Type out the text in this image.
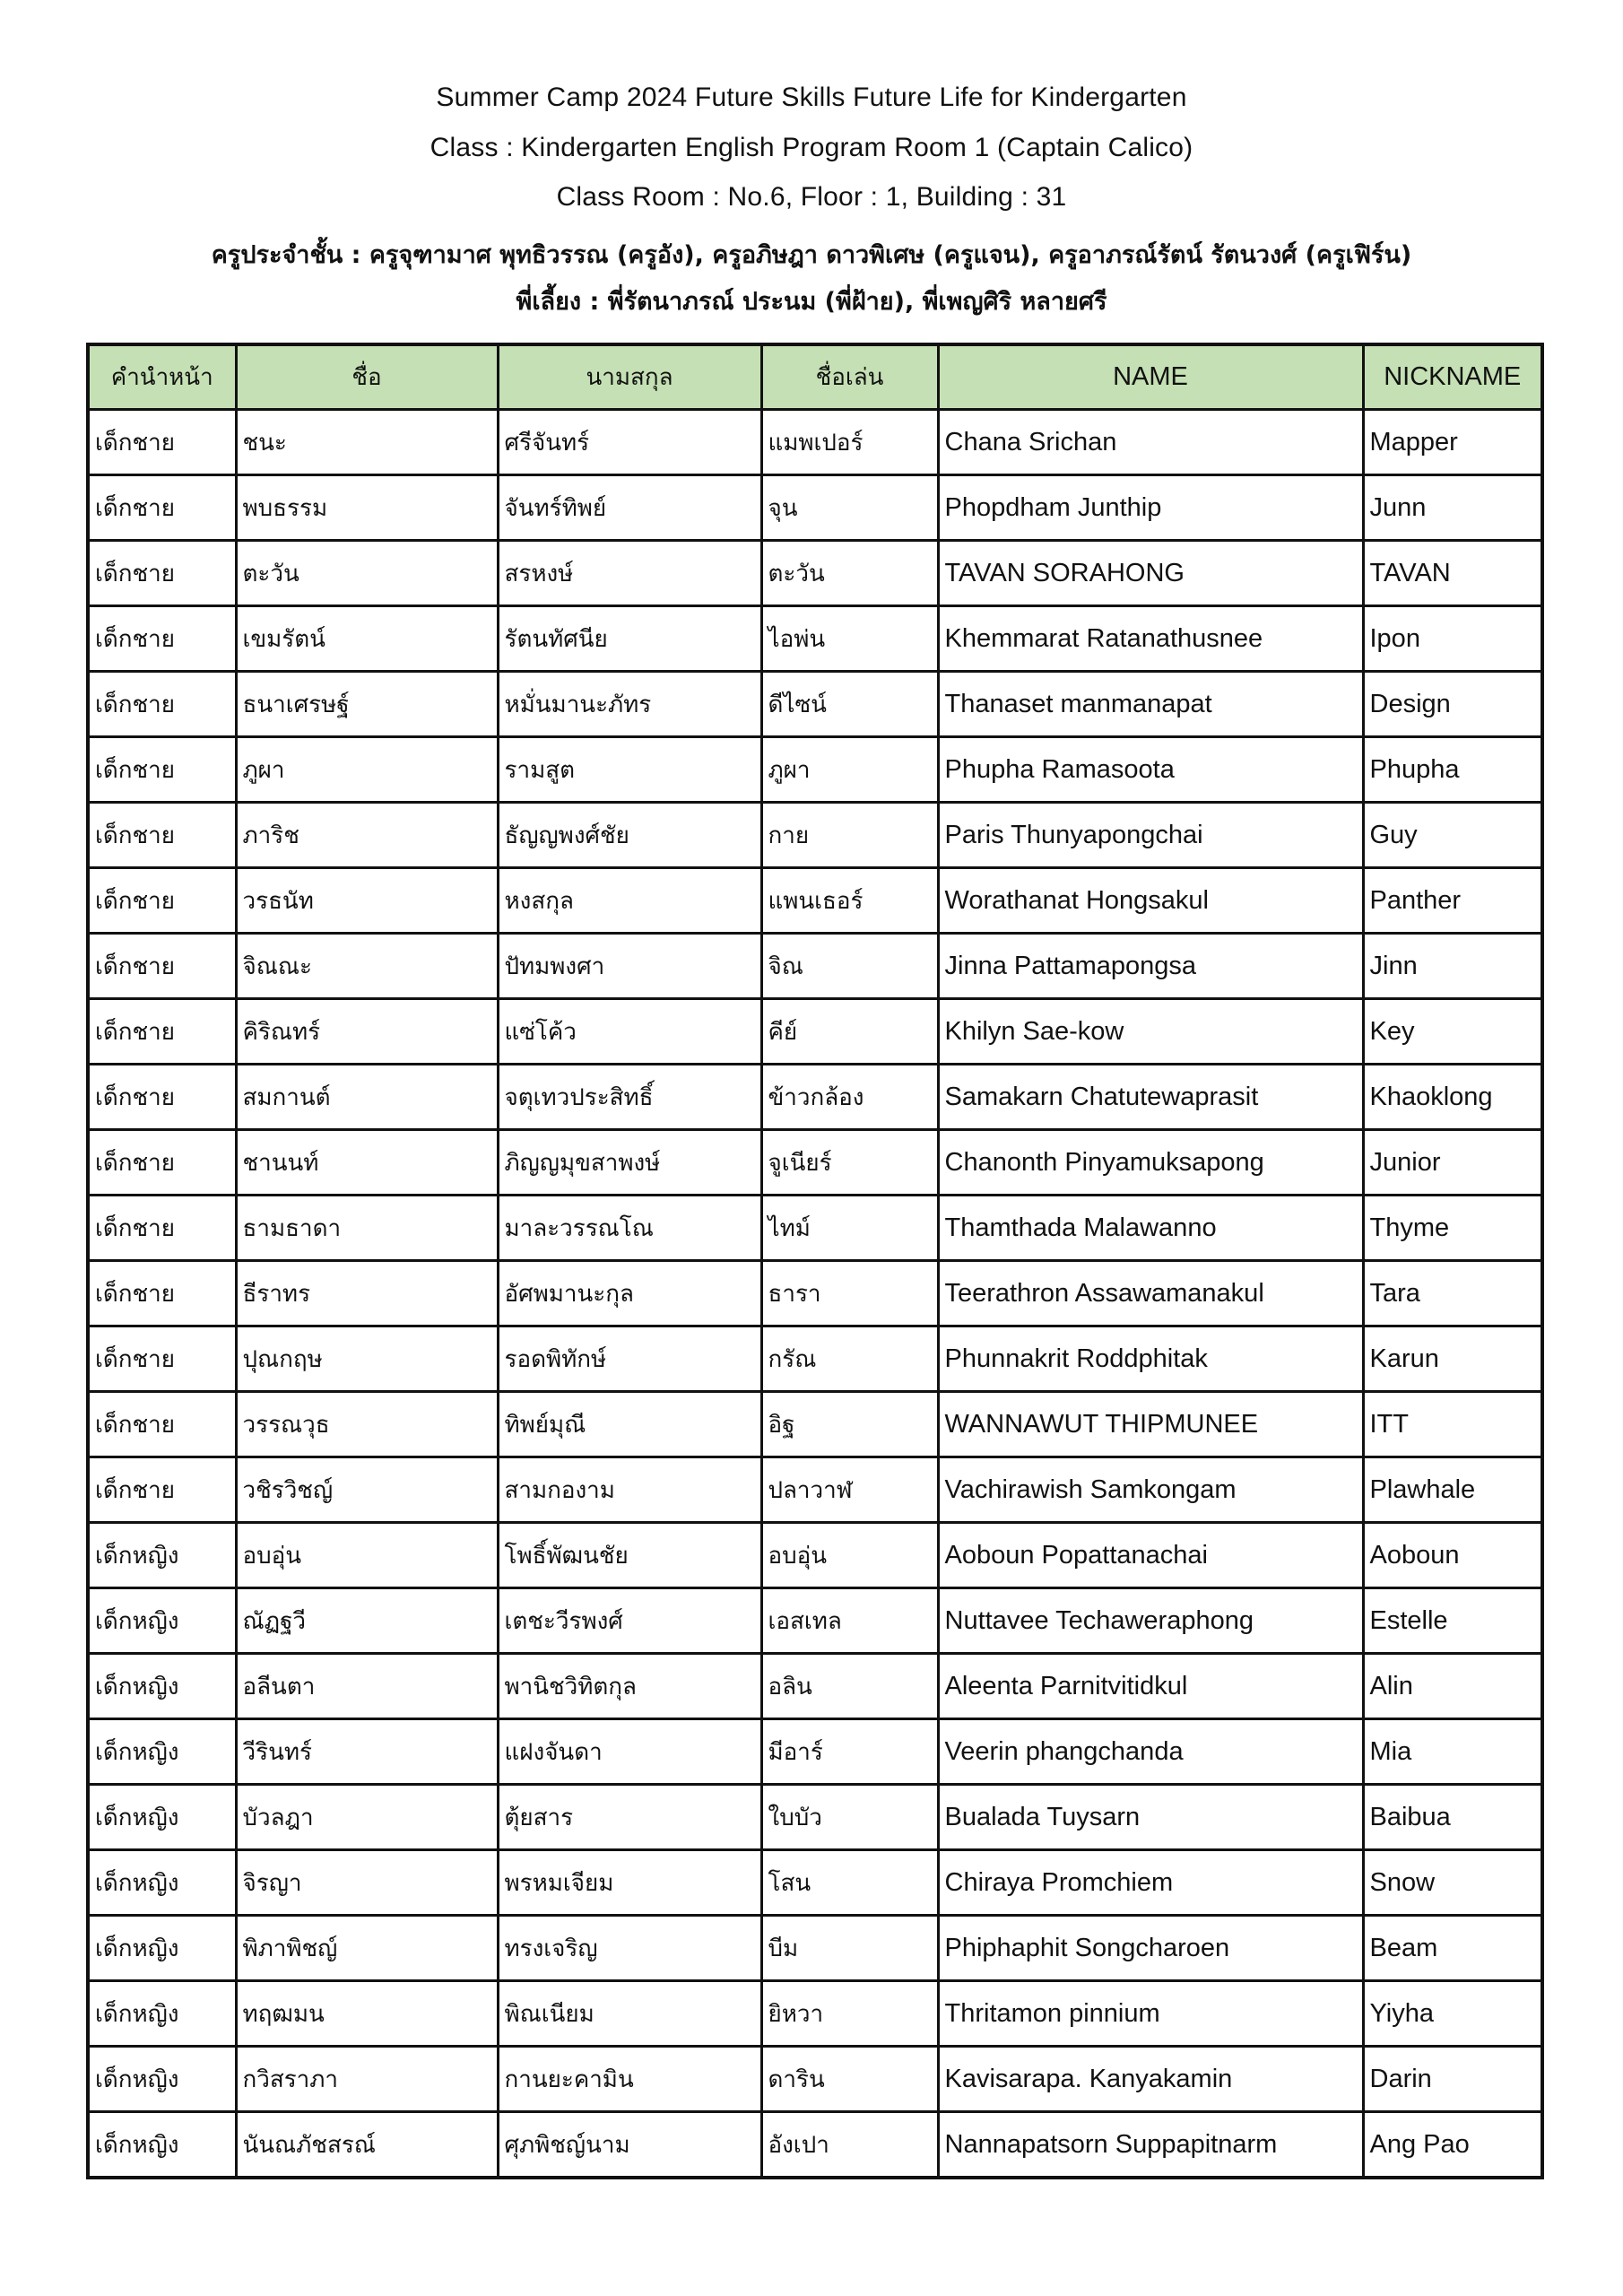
Summer Camp 2024 Future Skills Future Life for Kindergarten
Class : Kindergarten English Program Room 1 (Captain Calico)
Class Room : No.6, Floor : 1, Building : 31
ครูประจำชั้น : ครูจุฑามาศ พุทธิวรรณ (ครูอัง), ครูอภิษฎา ดาวพิเศษ (ครูแจน), ครูอาภรณ์รัตน์ รัตนวงศ์ (ครูเฟิร์น)
พี่เลี้ยง : พี่รัตนาภรณ์ ประนม (พี่ฝ้าย), พี่เพญศิริ หลายศรี
คำนำหน้า	ชื่อ	นามสกุล	ชื่อเล่น	NAME	NICKNAME
เด็กชาย	ชนะ	ศรีจันทร์	แมพเปอร์	Chana Srichan	Mapper
เด็กชาย	พบธรรม	จันทร์ทิพย์	จุน	Phopdham Junthip	Junn
เด็กชาย	ตะวัน	สรหงษ์	ตะวัน	TAVAN SORAHONG	TAVAN
เด็กชาย	เขมรัตน์	รัตนทัศนีย	ไอพ่น	Khemmarat Ratanathusnee	Ipon
เด็กชาย	ธนาเศรษฐ์	หมั่นมานะภัทร	ดีไซน์	Thanaset manmanapat	Design
เด็กชาย	ภูผา	รามสูต	ภูผา	Phupha Ramasoota	Phupha
เด็กชาย	ภาริช	ธัญญพงศ์ชัย	กาย	Paris Thunyapongchai	Guy
เด็กชาย	วรธนัท	หงสกุล	แพนเธอร์	Worathanat Hongsakul	Panther
เด็กชาย	จิณณะ	ปัทมพงศา	จิณ	Jinna Pattamapongsa	Jinn
เด็กชาย	คิริณทร์	แซ่โค้ว	คีย์	Khilyn Sae-kow	Key
เด็กชาย	สมกานต์	จตุเทวประสิทธิ์	ข้าวกล้อง	Samakarn Chatutewaprasit	Khaoklong
เด็กชาย	ชานนท์	ภิญญมุขสาพงษ์	จูเนียร์	Chanonth Pinyamuksapong	Junior
เด็กชาย	ธามธาดา	มาละวรรณโณ	ไทม์	Thamthada Malawanno	Thyme
เด็กชาย	ธีราทร	อัศพมานะกุล	ธารา	Teerathron Assawamanakul	Tara
เด็กชาย	ปุณกฤษ	รอดพิทักษ์	กรัณ	Phunnakrit Roddphitak	Karun
เด็กชาย	วรรณวุธ	ทิพย์มุณี	อิฐ	WANNAWUT THIPMUNEE	ITT
เด็กชาย	วชิรวิชญ์	สามกองาม	ปลาวาฬ	Vachirawish Samkongam	Plawhale
เด็กหญิง	อบอุ่น	โพธิ์พัฒนชัย	อบอุ่น	Aoboun Popattanachai	Aoboun
เด็กหญิง	ณัฏฐวี	เตชะวีรพงศ์	เอสเทล	Nuttavee Techaweraphong	Estelle
เด็กหญิง	อลีนตา	พานิชวิทิตกุล	อลิน	Aleenta Parnitvitidkul	Alin
เด็กหญิง	วีรินทร์	แฝงจันดา	มีอาร์	Veerin phangchanda	Mia
เด็กหญิง	บัวลฎา	ตุ้ยสาร	ใบบัว	Bualada Tuysarn	Baibua
เด็กหญิง	จิรญา	พรหมเจียม	โสน	Chiraya Promchiem	Snow
เด็กหญิง	พิภาพิชญ์	ทรงเจริญ	บีม	Phiphaphit Songcharoen	Beam
เด็กหญิง	ทฤฒมน	พิณเนียม	ยิหวา	Thritamon pinnium	Yiyha
เด็กหญิง	กวิสราภา	กานยะคามิน	ดาริน	Kavisarapa. Kanyakamin	Darin
เด็กหญิง	นันณภัชสรณ์	ศุภพิชญ์นาม	อังเปา	Nannapatsorn Suppapitnarm	Ang Pao
